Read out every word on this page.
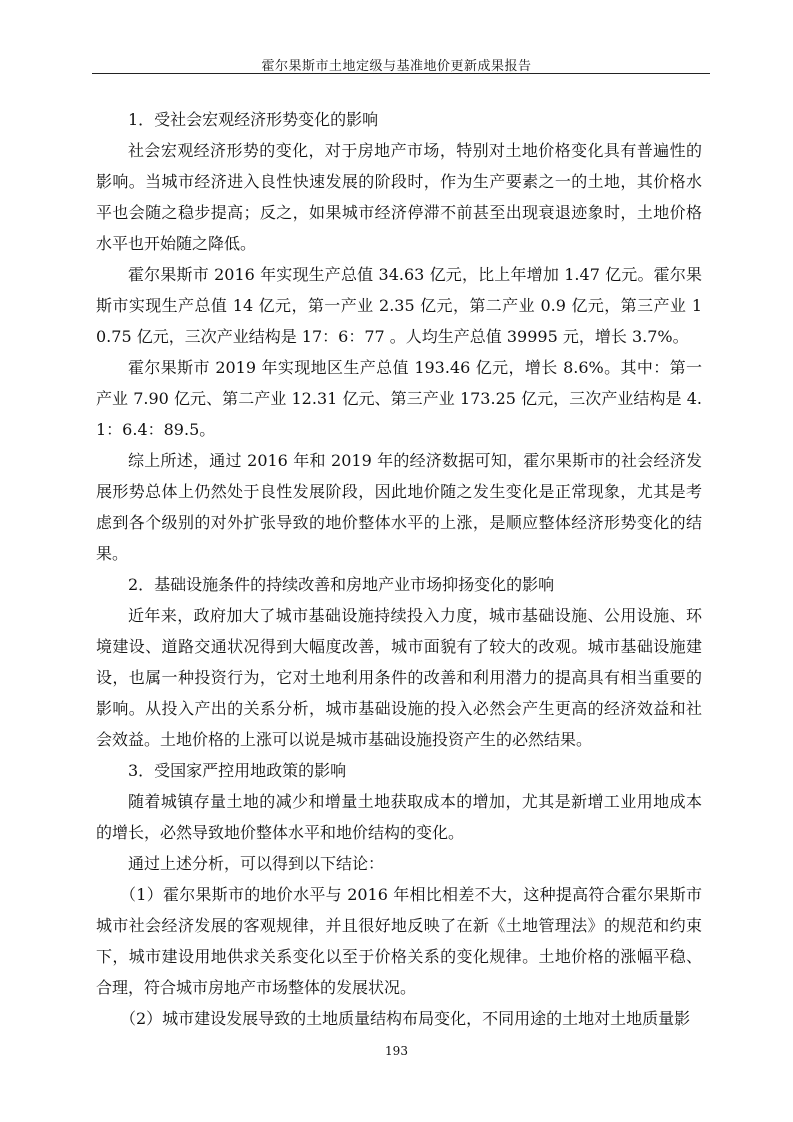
霍尔果斯市土地定级与基准地价更新成果报告

1．受社会宏观经济形势变化的影响

社会宏观经济形势的变化，对于房地产市场，特别对土地价格变化具有普遍性的影响。当城市经济进入良性快速发展的阶段时，作为生产要素之一的土地，其价格水平也会随之稳步提高；反之，如果城市经济停滞不前甚至出现衰退迹象时，土地价格水平也开始随之降低。

霍尔果斯市 2016 年实现生产总值 34.63 亿元，比上年增加 1.47 亿元。霍尔果斯市实现生产总值 14 亿元，第一产业 2.35 亿元，第二产业 0.9 亿元，第三产业 10.75 亿元，三次产业结构是 17：6：77 。人均生产总值 39995 元，增长 3.7%。

霍尔果斯市 2019 年实现地区生产总值 193.46 亿元，增长 8.6%。其中：第一产业 7.90 亿元、第二产业 12.31 亿元、第三产业 173.25 亿元，三次产业结构是 4.1：6.4：89.5。

综上所述，通过 2016 年和 2019 年的经济数据可知，霍尔果斯市的社会经济发展形势总体上仍然处于良性发展阶段，因此地价随之发生变化是正常现象，尤其是考虑到各个级别的对外扩张导致的地价整体水平的上涨，是顺应整体经济形势变化的结果。

2．基础设施条件的持续改善和房地产业市场抑扬变化的影响

近年来，政府加大了城市基础设施持续投入力度，城市基础设施、公用设施、环境建设、道路交通状况得到大幅度改善，城市面貌有了较大的改观。城市基础设施建设，也属一种投资行为，它对土地利用条件的改善和利用潜力的提高具有相当重要的影响。从投入产出的关系分析，城市基础设施的投入必然会产生更高的经济效益和社会效益。土地价格的上涨可以说是城市基础设施投资产生的必然结果。

3．受国家严控用地政策的影响

随着城镇存量土地的减少和增量土地获取成本的增加，尤其是新增工业用地成本的增长，必然导致地价整体水平和地价结构的变化。

通过上述分析，可以得到以下结论：

（1）霍尔果斯市的地价水平与 2016 年相比相差不大，这种提高符合霍尔果斯市城市社会经济发展的客观规律，并且很好地反映了在新《土地管理法》的规范和约束下，城市建设用地供求关系变化以至于价格关系的变化规律。土地价格的涨幅平稳、合理，符合城市房地产市场整体的发展状况。

（2）城市建设发展导致的土地质量结构布局变化，不同用途的土地对土地质量影

193
